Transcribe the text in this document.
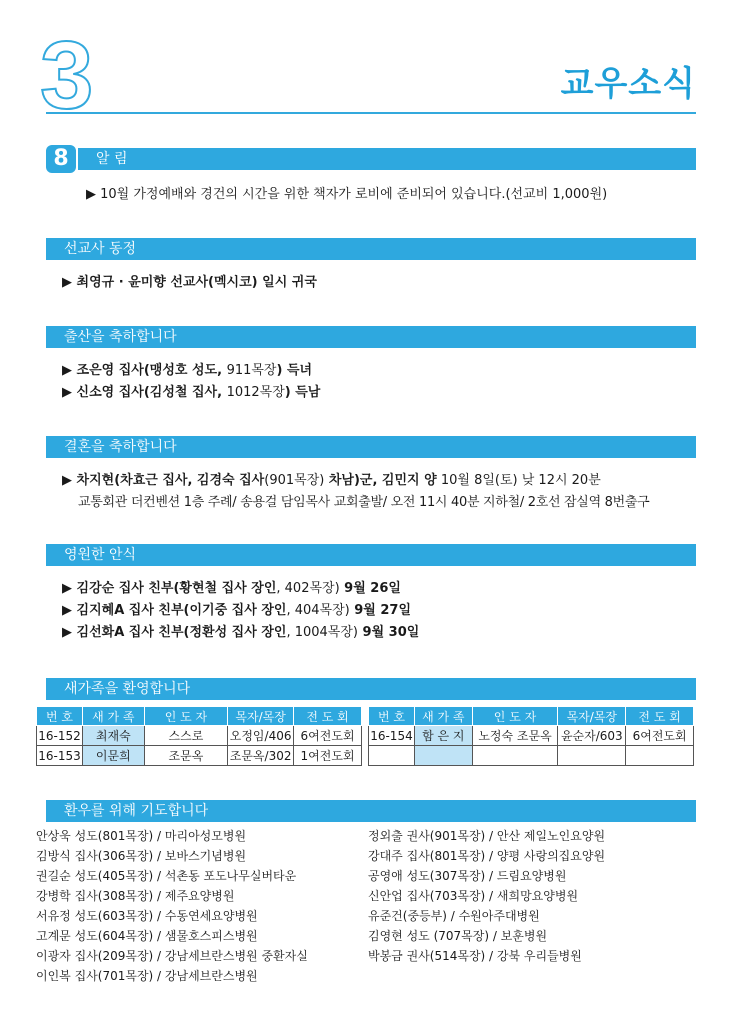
3	교우소식
8	알 림
▶ 10월 가정예배와 경건의 시간을 위한 책자가 로비에 준비되어 있습니다.(선교비 1,000원)
선교사 동정
▶ 최영규 · 윤미향 선교사(멕시코) 일시 귀국
출산을 축하합니다
▶ 조은영 집사(맹성호 성도, 911목장) 득녀
▶ 신소영 집사(김성철 집사, 1012목장) 득남
결혼을 축하합니다
▶ 차지현(차효근 집사, 김경숙 집사(901목장) 차남)군, 김민지 양 10월 8일(토) 낮 12시 20분
교통회관 더컨벤션 1층 주례/ 송용걸 담임목사 교회출발/ 오전 11시 40분 지하철/ 2호선 잠실역 8번출구
영원한 안식
▶ 김강순 집사 친부(황현철 집사 장인, 402목장) 9월 26일
▶ 김지혜A 집사 친부(이기중 집사 장인, 404목장) 9월 27일
▶ 김선화A 집사 친부(정환성 집사 장인, 1004목장) 9월 30일
새가족을 환영합니다
번 호	새 가 족	인 도 자	목자/목장	전 도 회
16-152	최재숙	스스로	오정임/406	6여전도회
16-153	이문희	조문옥	조문옥/302	1여전도회
번 호	새 가 족	인 도 자	목자/목장	전 도 회
16-154	함 은 지	노정숙 조문옥	윤순자/603	6여전도회

환우를 위해 기도합니다
안상욱 성도(801목장) / 마리아성모병원
김방식 집사(306목장) / 보바스기념병원
권길순 성도(405목장) / 석촌동 포도나무실버타운
강병학 집사(308목장) / 제주요양병원
서유정 성도(603목장) / 수동연세요양병원
고계문 성도(604목장) / 샘물호스피스병원
이광자 집사(209목장) / 강남세브란스병원 중환자실
이인복 집사(701목장) / 강남세브란스병원
정외출 권사(901목장) / 안산 제일노인요양원
강대주 집사(801목장) / 양평 사랑의집요양원
공영애 성도(307목장) / 드림요양병원
신안업 집사(703목장) / 새희망요양병원
유준건(중등부) / 수원아주대병원
김영현 성도 (707목장) / 보훈병원
박봉금 권사(514목장) / 강북 우리들병원
